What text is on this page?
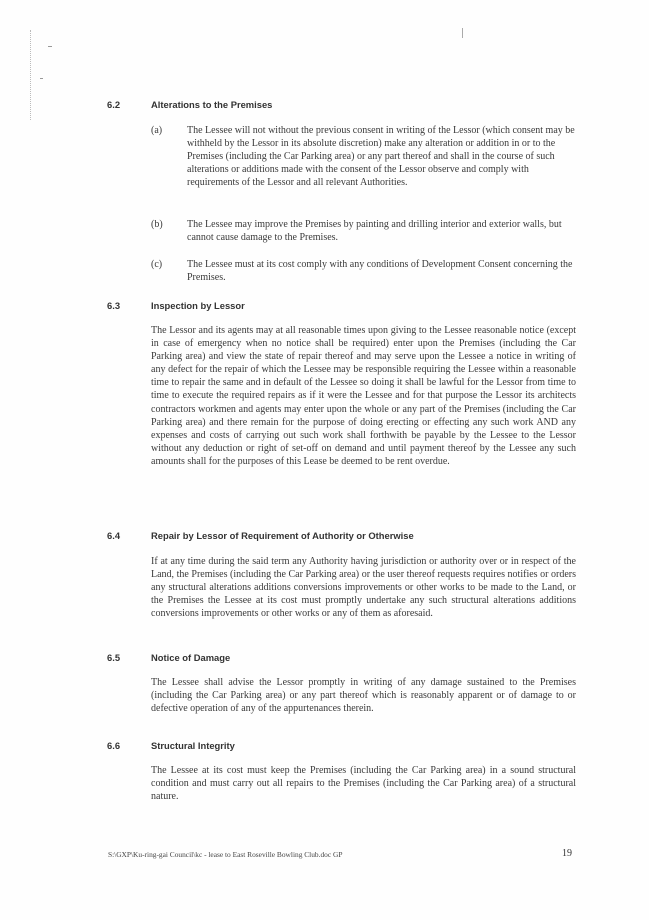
6.2	Alterations to the Premises
(a) The Lessee will not without the previous consent in writing of the Lessor (which consent may be withheld by the Lessor in its absolute discretion) make any alteration or addition in or to the Premises (including the Car Parking area) or any part thereof and shall in the course of such alterations or additions made with the consent of the Lessor observe and comply with requirements of the Lessor and all relevant Authorities.
(b) The Lessee may improve the Premises by painting and drilling interior and exterior walls, but cannot cause damage to the Premises.
(c) The Lessee must at its cost comply with any conditions of Development Consent concerning the Premises.
6.3	Inspection by Lessor
The Lessor and its agents may at all reasonable times upon giving to the Lessee reasonable notice (except in case of emergency when no notice shall be required) enter upon the Premises (including the Car Parking area) and view the state of repair thereof and may serve upon the Lessee a notice in writing of any defect for the repair of which the Lessee may be responsible requiring the Lessee within a reasonable time to repair the same and in default of the Lessee so doing it shall be lawful for the Lessor from time to time to execute the required repairs as if it were the Lessee and for that purpose the Lessor its architects contractors workmen and agents may enter upon the whole or any part of the Premises (including the Car Parking area) and there remain for the purpose of doing erecting or effecting any such work AND any expenses and costs of carrying out such work shall forthwith be payable by the Lessee to the Lessor without any deduction or right of set-off on demand and until payment thereof by the Lessee any such amounts shall for the purposes of this Lease be deemed to be rent overdue.
6.4	Repair by Lessor of Requirement of Authority or Otherwise
If at any time during the said term any Authority having jurisdiction or authority over or in respect of the Land, the Premises (including the Car Parking area) or the user thereof requests requires notifies or orders any structural alterations additions conversions improvements or other works to be made to the Land, or the Premises the Lessee at its cost must promptly undertake any such structural alterations additions conversions improvements or other works or any of them as aforesaid.
6.5	Notice of Damage
The Lessee shall advise the Lessor promptly in writing of any damage sustained to the Premises (including the Car Parking area) or any part thereof which is reasonably apparent or of damage to or defective operation of any of the appurtenances therein.
6.6	Structural Integrity
The Lessee at its cost must keep the Premises (including the Car Parking area) in a sound structural condition and must carry out all repairs to the Premises (including the Car Parking area) of a structural nature.
S:\GXP\Ku-ring-gai Council\kc - lease to East Roseville Bowling Club.doc GP	19
